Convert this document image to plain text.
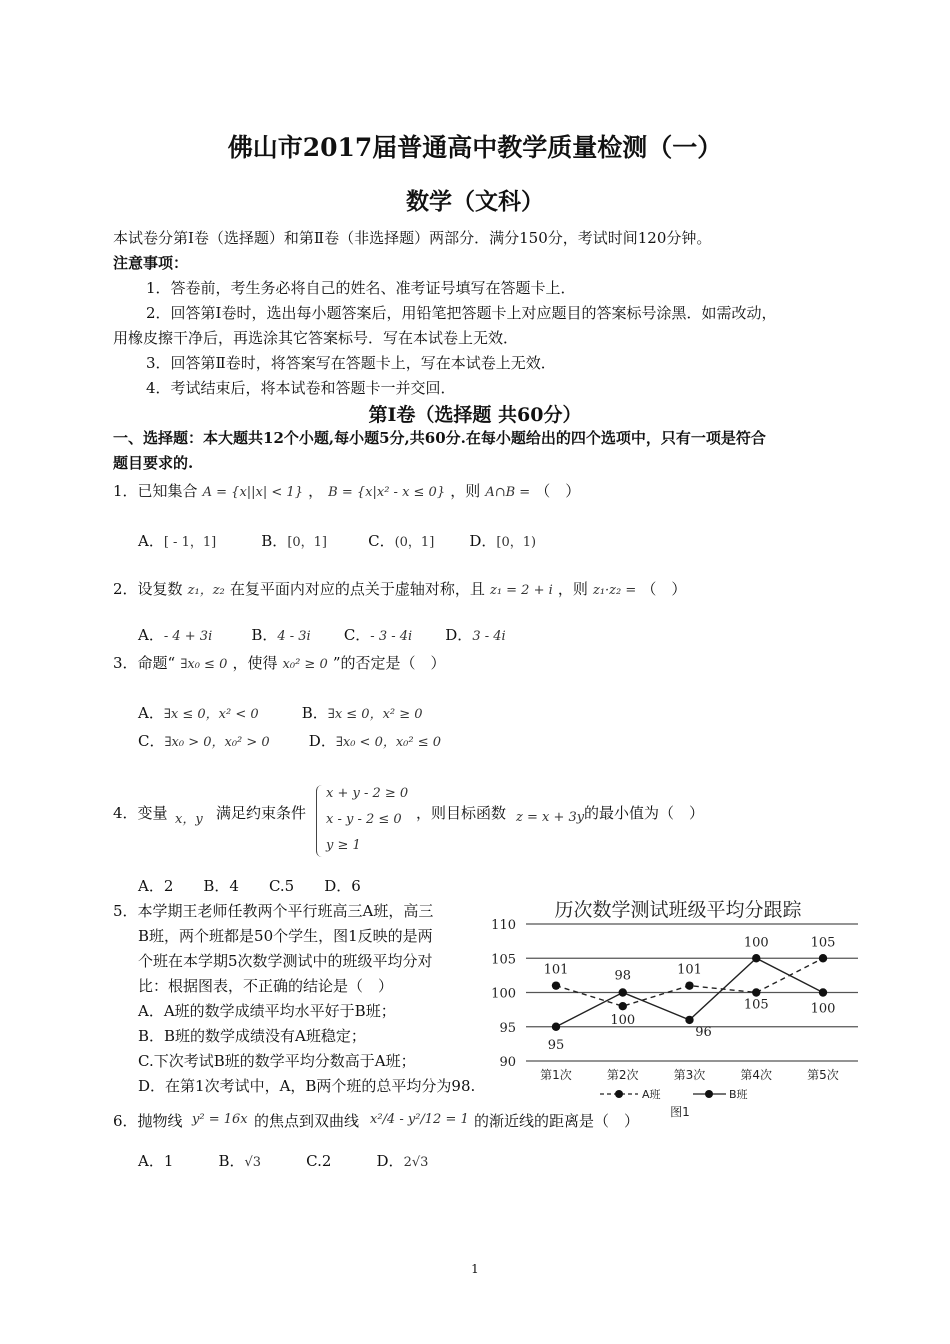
佛山市2017届普通高中教学质量检测（一）
数学（文科）
本试卷分第Ⅰ卷（选择题）和第Ⅱ卷（非选择题）两部分．满分150分，考试时间120分钟。
注意事项：
1．答卷前，考生务必将自己的姓名、准考证号填写在答题卡上．
2．回答第Ⅰ卷时，选出每小题答案后，用铅笔把答题卡上对应题目的答案标号涂黑．如需改动，
用橡皮擦干净后，再选涂其它答案标号．写在本试卷上无效．
3．回答第Ⅱ卷时，将答案写在答题卡上，写在本试卷上无效．
4．考试结束后，将本试卷和答题卡一并交回．
第Ⅰ卷（选择题 共60分）
一、选择题：本大题共12个小题,每小题5分,共60分.在每小题给出的四个选项中，只有一项是符合
题目要求的.
1．已知集合 A = {x||x| < 1} ， B = {x|x² - x ≤ 0} ，则 A∩B = （　）
A．[ - 1，1]	B．[0，1]	C．(0，1] D．[0，1)
2．设复数 z₁，z₂ 在复平面内对应的点关于虚轴对称，且 z₁ = 2 + i ，则 z₁·z₂ = （　）
A．- 4 + 3i	B．4 - 3i C．- 3 - 4i D．3 - 4i
3．命题“ ∃x₀ ≤ 0 ，使得 x₀² ≥ 0 ”的否定是（　）
A．∃x ≤ 0，x² < 0	B．∃x ≤ 0，x² ≥ 0
C．∃x₀ > 0，x₀² > 0	D．∃x₀ < 0，x₀² ≤ 0
4．变量 x，y 满足约束条件
x + y - 2 ≥ 0
x - y - 2 ≤ 0
y ≥ 1
，则目标函数 z = x + 3y 的最小值为（　）
A．2　　B．4　　C.5　　D．6
5．本学期王老师任教两个平行班高三A班，高三
B班，两个班都是50个学生，图1反映的是两
个班在本学期5次数学测试中的班级平均分对
比：根据图表，不正确的结论是（　）
A．A班的数学成绩平均水平好于B班；
B．B班的数学成绩没有A班稳定；
C.下次考试B班的数学平均分数高于A班；
D．在第1次考试中，A，B两个班的总平均分为98.
历次数学测试班级平均分跟踪
90
95
100
105
110
第1次	第2次	第3次	第4次	第5次
101
100
101
105
105
95
98
96
100
100
A班	B班
图1
6．抛物线 y² = 16x 的焦点到双曲线 x²/4 - y²/12 = 1 的渐近线的距离是（　）
A．1	B．√3	C.2	D．2√3
1
